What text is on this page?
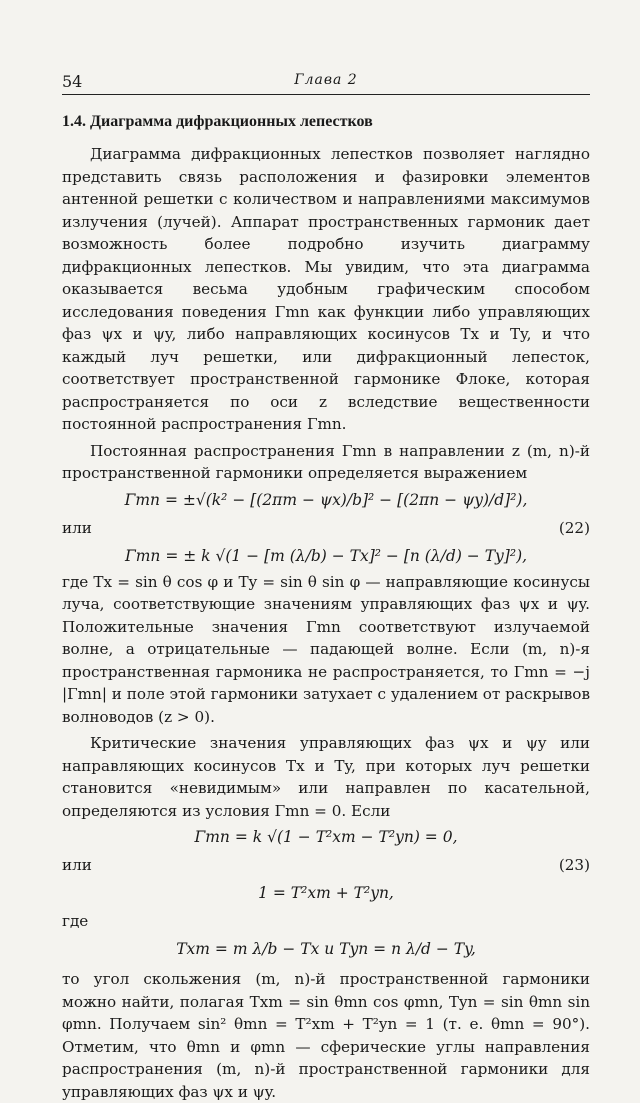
54	Глава 2
1.4. Диаграмма дифракционных лепестков

Диаграмма дифракционных лепестков позволяет наглядно представить связь расположения и фазировки элементов антенной решетки с количеством и направлениями максимумов излучения (лучей). Аппарат пространственных гармоник дает возможность более подробно изучить диаграмму дифракционных лепестков. Мы увидим, что эта диаграмма оказывается весьма удобным графическим способом исследования поведения Γmn как функции либо управляющих фаз ψx и ψy, либо направляющих косинусов Tx и Ty, и что каждый луч решетки, или дифракционный лепесток, соответствует пространственной гармонике Флоке, которая распространяется по оси z вследствие вещественности постоянной распространения Γmn.

Постоянная распространения Γmn в направлении z (m, n)-й пространственной гармоники определяется выражением

Γmn = ±√(k² − [(2πm − ψx)/b]² − [(2πn − ψy)/d]²),
или	(22)
Γmn = ± k √(1 − [m (λ/b) − Tx]² − [n (λ/d) − Ty]²),

где Tx = sin θ cos φ и Ty = sin θ sin φ — направляющие косинусы луча, соответствующие значениям управляющих фаз ψx и ψy. Положительные значения Γmn соответствуют излучаемой волне, а отрицательные — падающей волне. Если (m, n)-я пространственная гармоника не распространяется, то Γmn = −j |Γmn| и поле этой гармоники затухает с удалением от раскрывов волноводов (z > 0).

Критические значения управляющих фаз ψx и ψy или направляющих косинусов Tx и Ty, при которых луч решетки становится «невидимым» или направлен по касательной, определяются из условия Γmn = 0. Если

Γmn = k √(1 − T²xm − T²yn) = 0,
или	(23)
1 = T²xm + T²yn,
где
Txm = m λ/b − Tx и Tyn = n λ/d − Ty,

то угол скольжения (m, n)-й пространственной гармоники можно найти, полагая Txm = sin θmn cos φmn, Tyn = sin θmn sin φmn. Получаем sin² θmn = T²xm + T²yn = 1 (т. е. θmn = 90°). Отметим, что θmn и φmn — сферические углы направления распространения (m, n)-й пространственной гармоники для управляющих фаз ψx и ψy.
